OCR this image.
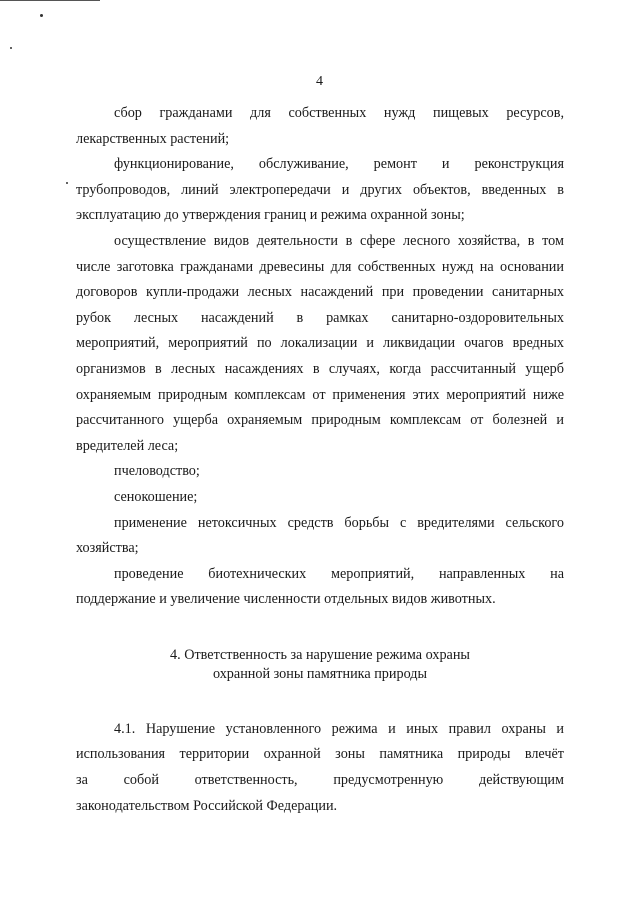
4

сбор гражданами для собственных нужд пищевых ресурсов,
лекарственных растений;

функционирование, обслуживание, ремонт и реконструкция
трубопроводов, линий электропередачи и других объектов, введенных в
эксплуатацию до утверждения границ и режима охранной зоны;

осуществление видов деятельности в сфере лесного хозяйства, в том
числе заготовка гражданами древесины для собственных нужд на основании
договоров купли-продажи лесных насаждений при проведении санитарных
рубок лесных насаждений в рамках санитарно-оздоровительных
мероприятий, мероприятий по локализации и ликвидации очагов вредных
организмов в лесных насаждениях в случаях, когда рассчитанный ущерб
охраняемым природным комплексам от применения этих мероприятий ниже
рассчитанного ущерба охраняемым природным комплексам от болезней и
вредителей леса;

пчеловодство;

сенокошение;

применение нетоксичных средств борьбы с вредителями сельского
хозяйства;

проведение биотехнических мероприятий, направленных на
поддержание и увеличение численности отдельных видов животных.

4. Ответственность за нарушение режима охраны
охранной зоны памятника природы

4.1. Нарушение установленного режима и иных правил охраны и
использования территории охранной зоны памятника природы влечёт
за собой ответственность, предусмотренную действующим
законодательством Российской Федерации.
